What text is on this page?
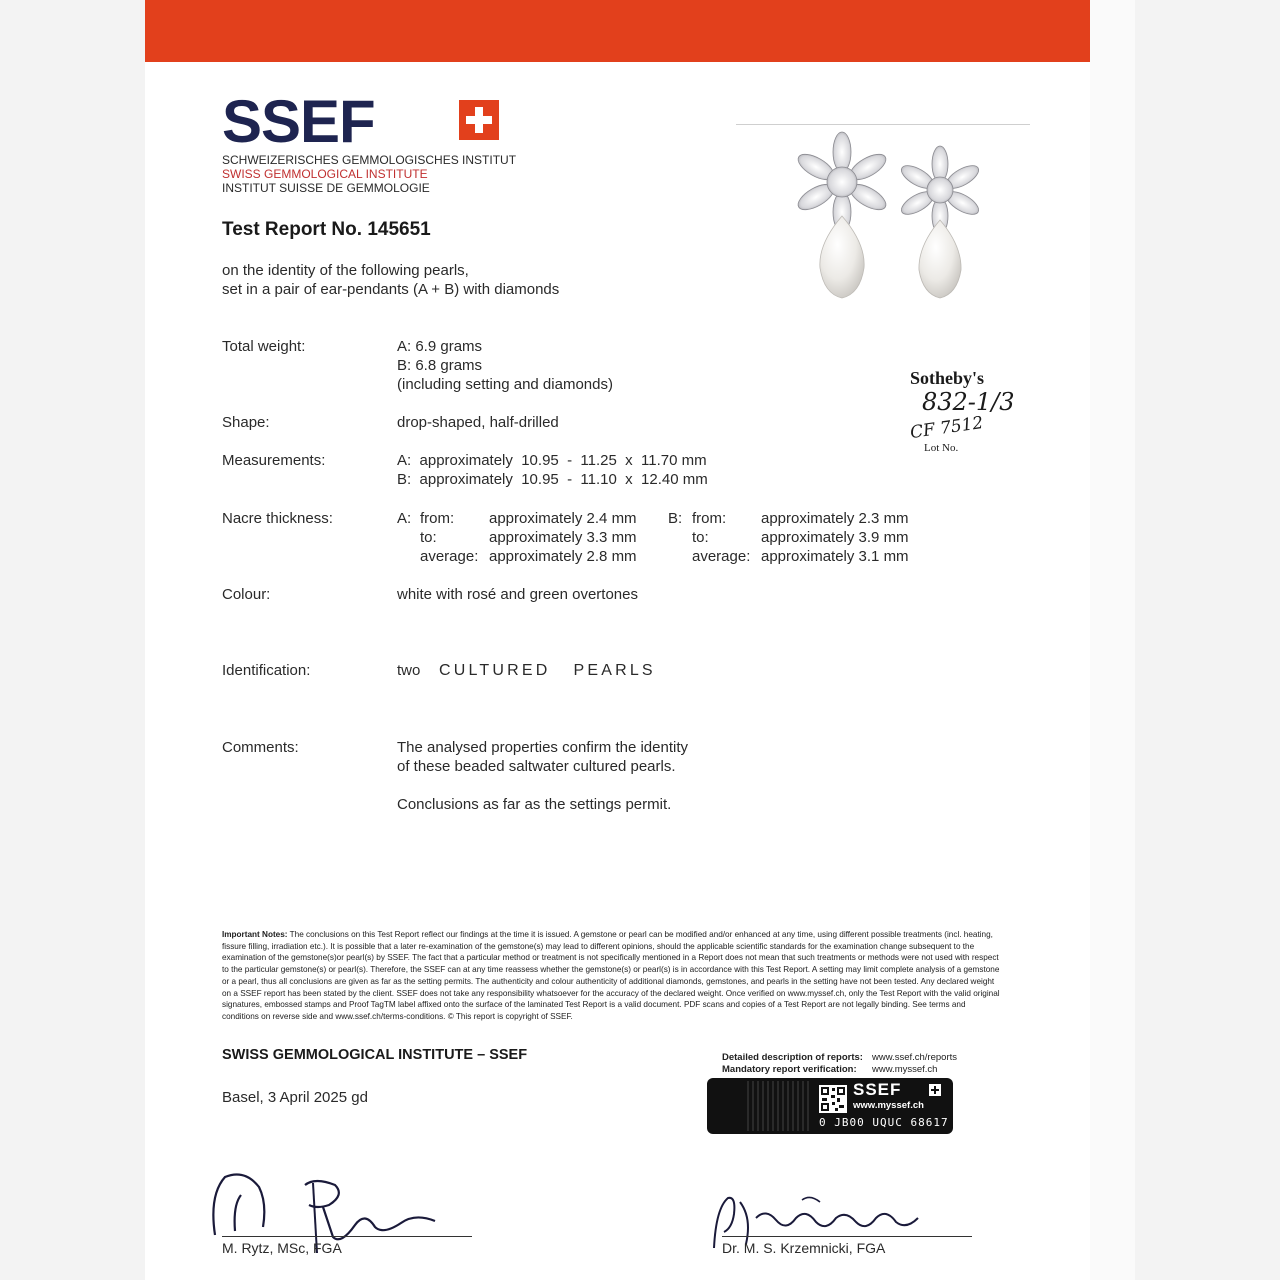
SSEF
SCHWEIZERISCHES GEMMOLOGISCHES INSTITUT
SWISS GEMMOLOGICAL INSTITUTE
INSTITUT SUISSE DE GEMMOLOGIE
Test Report No. 145651
on the identity of the following pearls,
set in a pair of ear-pendants (A + B) with diamonds
Sotheby's
832-1/3
CF 7512
Lot No.
Total weight:	A: 6.9 grams
B: 6.8 grams
(including setting and diamonds)
Shape:	drop-shaped, half-drilled
Measurements:	A:  approximately  10.95  -  11.25  x  11.70 mm
B:  approximately  10.95  -  11.10  x  12.40 mm
Nacre thickness:	A:	B:
from: approximately 2.4 mm	from: approximately 2.3 mm
to:	approximately 3.3 mm	to:	approximately 3.9 mm
average: approximately 2.8 mm	average: approximately 3.1 mm
Colour:	white with rosé and green overtones
Identification:	two CULTURED   PEARLS
Comments:	The analysed properties confirm the identity
of these beaded saltwater cultured pearls.
Conclusions as far as the settings permit.
Important Notes: The conclusions on this Test Report reflect our findings at the time it is issued. A gemstone or pearl can be modified and/or enhanced at any time, using different possible treatments (incl. heating, fissure filling, irradiation etc.). It is possible that a later re-examination of the gemstone(s) may lead to different opinions, should the applicable scientific standards for the examination change subsequent to the examination of the gemstone(s)or pearl(s) by SSEF. The fact that a particular method or treatment is not specifically mentioned in a Report does not mean that such treatments or methods were not used with respect to the particular gemstone(s) or pearl(s). Therefore, the SSEF can at any time reassess whether the gemstone(s) or pearl(s) is in accordance with this Test Report. A setting may limit complete analysis of a gemstone or a pearl, thus all conclusions are given as far as the setting permits. The authenticity and colour authenticity of additional diamonds, gemstones, and pearls in the setting have not been tested. Any declared weight on a SSEF report has been stated by the client. SSEF does not take any responsibility whatsoever for the accuracy of the declared weight. Once verified on www.myssef.ch, only the Test Report with the valid original signatures, embossed stamps and Proof TagTM label affixed onto the surface of the laminated Test Report is a valid document. PDF scans and copies of a Test Report are not legally binding. See terms and conditions on reverse side and www.ssef.ch/terms-conditions. © This report is copyright of SSEF.
SWISS GEMMOLOGICAL INSTITUTE – SSEF
Basel, 3 April 2025 gd
Detailed description of reports: www.ssef.ch/reports
Mandatory report verification: www.myssef.ch
SSEF
www.myssef.ch
0 JB00 UQUC 68617
M. Rytz, MSc, FGA	Dr. M. S. Krzemnicki, FGA
